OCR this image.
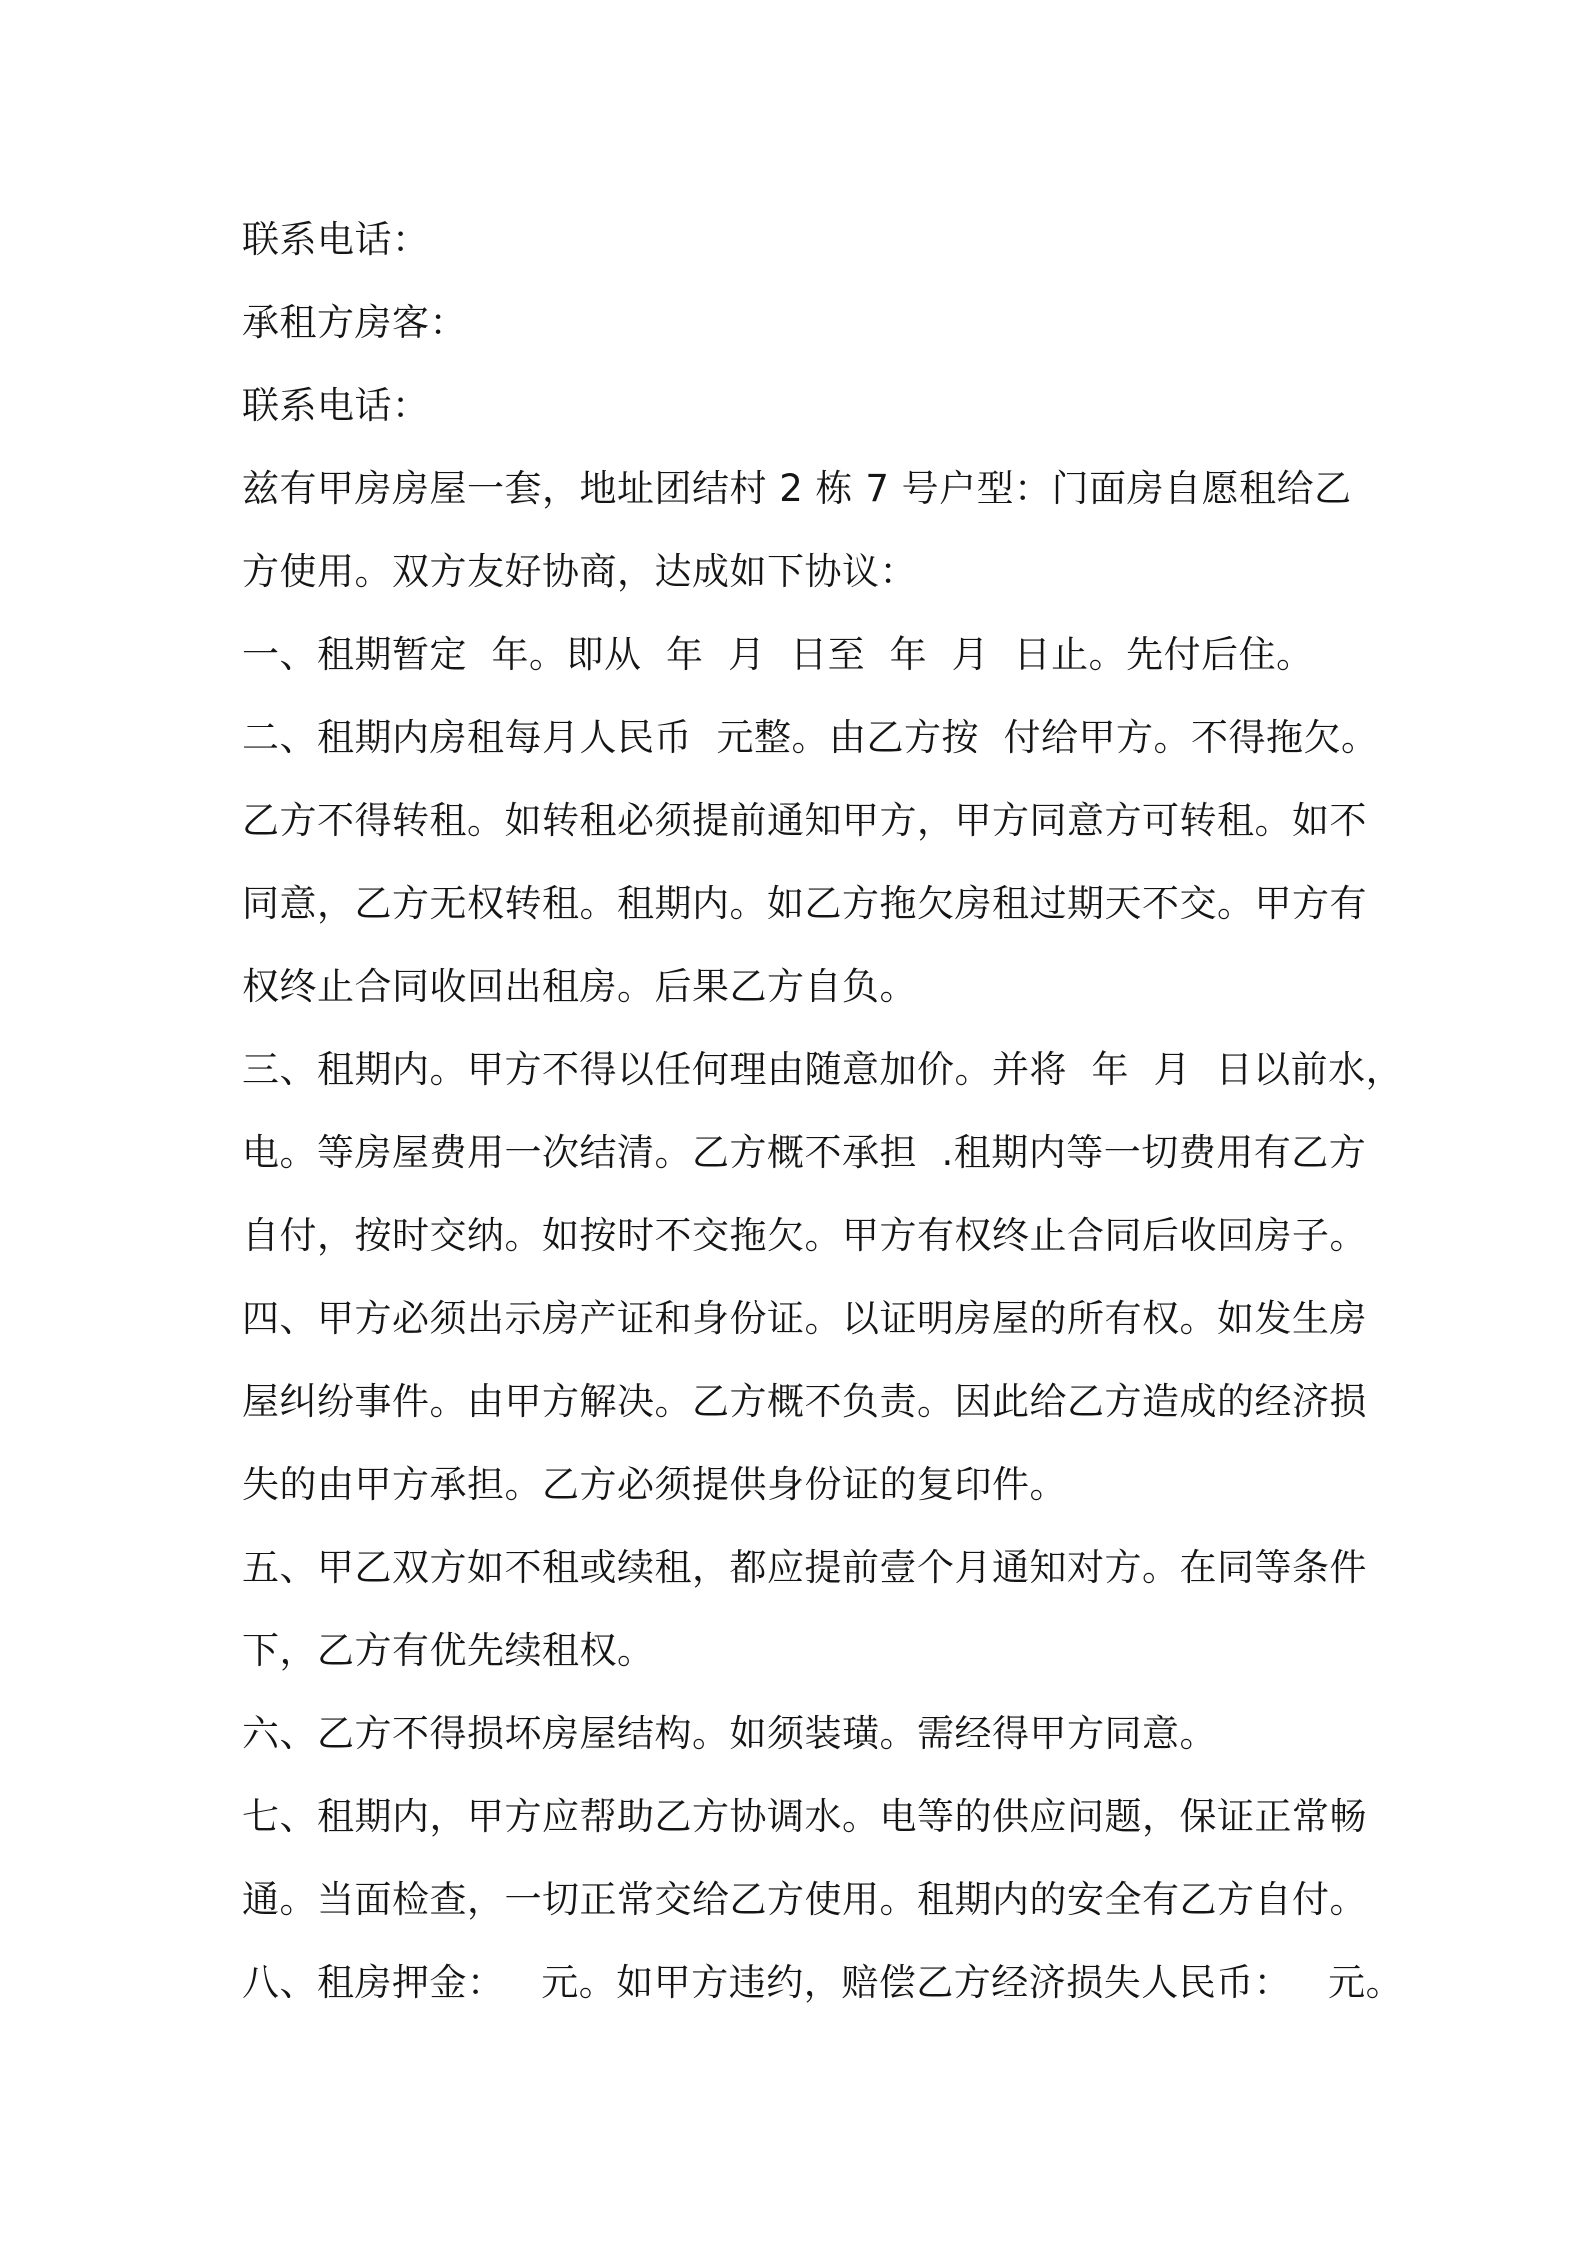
联系电话：
承租方房客：
联系电话：
兹有甲房房屋一套，地址团结村 2 栋 7 号户型：门面房自愿租给乙
方使用。双方友好协商，达成如下协议：
一、租期暂定  年。即从  年  月  日至  年  月  日止。先付后住。
二、租期内房租每月人民币  元整。由乙方按  付给甲方。不得拖欠。
乙方不得转租。如转租必须提前通知甲方，甲方同意方可转租。如不
同意，乙方无权转租。租期内。如乙方拖欠房租过期天不交。甲方有
权终止合同收回出租房。后果乙方自负。
三、租期内。甲方不得以任何理由随意加价。并将  年  月  日以前水，
电。等房屋费用一次结清。乙方概不承担  .租期内等一切费用有乙方
自付，按时交纳。如按时不交拖欠。甲方有权终止合同后收回房子。
四、甲方必须出示房产证和身份证。以证明房屋的所有权。如发生房
屋纠纷事件。由甲方解决。乙方概不负责。因此给乙方造成的经济损
失的由甲方承担。乙方必须提供身份证的复印件。
五、甲乙双方如不租或续租，都应提前壹个月通知对方。在同等条件
下，乙方有优先续租权。
六、乙方不得损坏房屋结构。如须装璜。需经得甲方同意。
七、租期内，甲方应帮助乙方协调水。电等的供应问题，保证正常畅
通。当面检查，一切正常交给乙方使用。租期内的安全有乙方自付。
八、租房押金：   元。如甲方违约，赔偿乙方经济损失人民币：   元。
